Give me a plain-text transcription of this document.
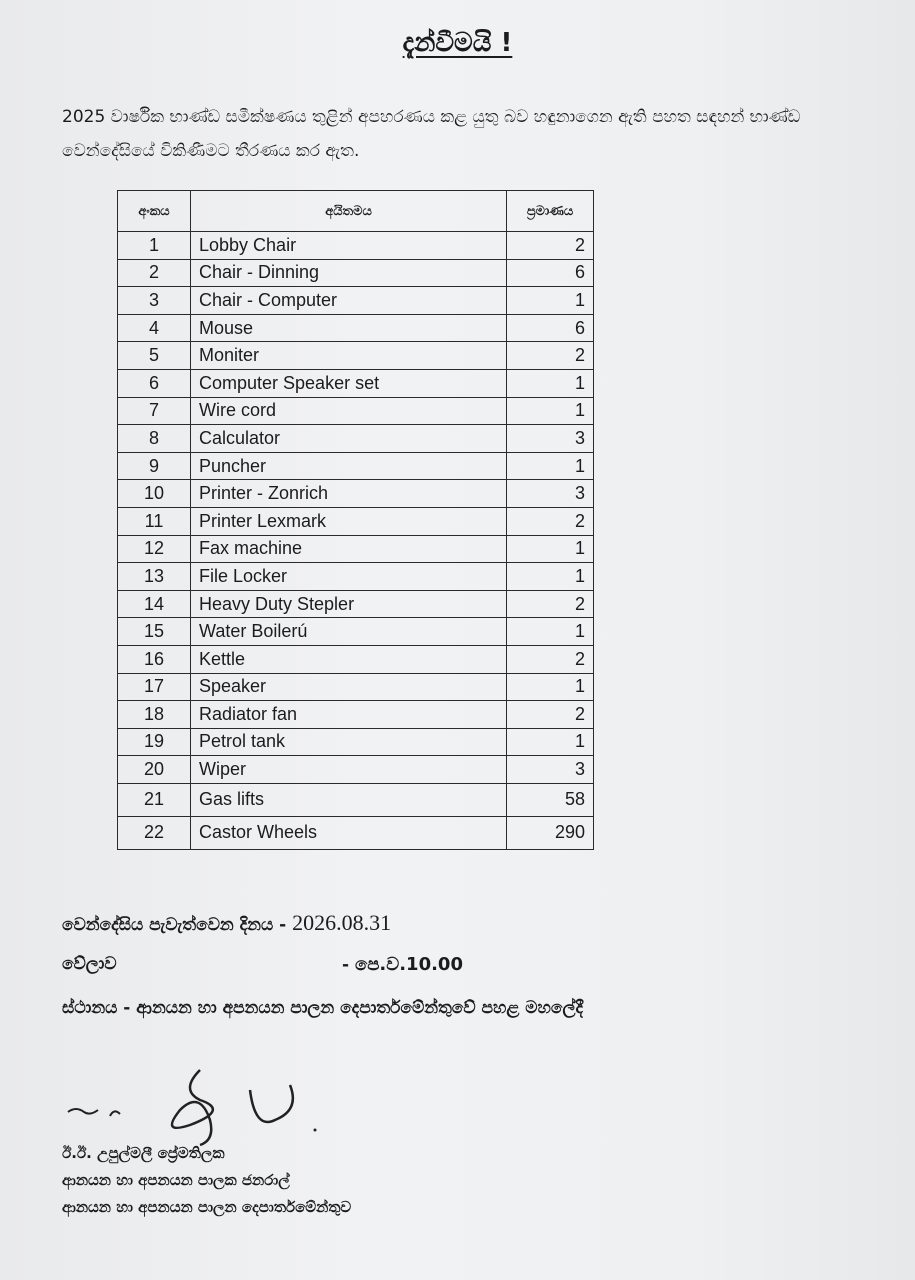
දැන්වීමයි !
2025 වාර්ෂික භාණ්ඩ සමීක්ෂණය තුළින් අපහරණය කළ යුතු බව හඳුනාගෙන ඇති පහත සඳහන් භාණ්ඩ වෙන්දේසියේ විකිණීමට තීරණය කර ඇත.
අංකය	අයිතමය	ප්‍රමාණය
1	Lobby Chair	2
2	Chair - Dinning	6
3	Chair - Computer	1
4	Mouse	6
5	Moniter	2
6	Computer Speaker set	1
7	Wire cord	1
8	Calculator	3
9	Puncher	1
10	Printer - Zonrich	3
11	Printer Lexmark	2
12	Fax machine	1
13	File Locker	1
14	Heavy Duty Stepler	2
15	Water Boilerú	1
16	Kettle	2
17	Speaker	1
18	Radiator fan	2
19	Petrol tank	1
20	Wiper	3
21	Gas lifts	58
22	Castor Wheels	290
වෙන්දේසිය පැවැත්වෙන දිනය - 2026.08.31
වේලාව	- පෙ.ව.10.00
ස්ථානය - ආනයන හා අපනයන පාලන දෙපාර්තමේන්තුවේ පහළ මහලේදී
ඊ.ඊ. උපුල්මලී ප්‍රේමතිලක
ආනයන හා අපනයන පාලක ජනරාල්
ආනයන හා අපනයන පාලන දෙපාර්තමේන්තුව
